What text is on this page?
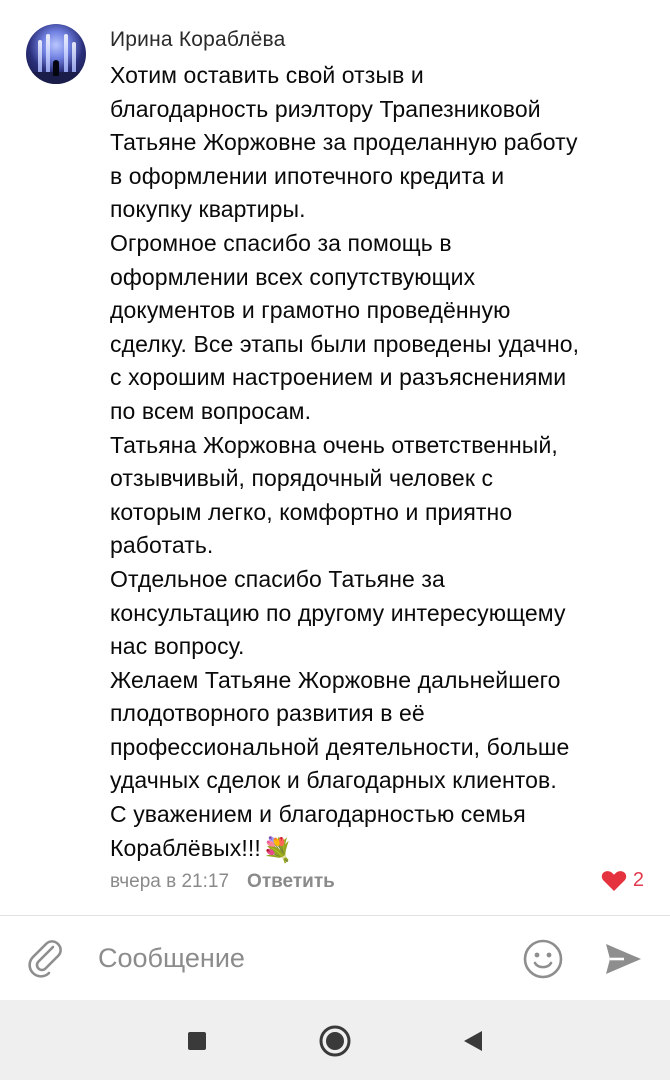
Ирина Кораблёва
Хотим оставить свой отзыв и
благодарность риэлтору Трапезниковой
Татьяне Жоржовне за проделанную работу
в оформлении ипотечного кредита и
покупку квартиры.
Огромное спасибо за помощь в
оформлении всех сопутствующих
документов и грамотно проведённую
сделку. Все этапы были проведены удачно,
с хорошим настроением и разъяснениями
по всем вопросам.
Татьяна Жоржовна очень ответственный,
отзывчивый, порядочный человек с
которым легко, комфортно и приятно
работать.
Отдельное спасибо Татьяне за
консультацию по другому интересующему
нас вопросу.
Желаем Татьяне Жоржовне дальнейшего
плодотворного развития в её
профессиональной деятельности, больше
удачных сделок и благодарных клиентов.
С уважением и благодарностью семья
Кораблёвых!!!💐
вчера в 21:17 Ответить	2
Сообщение
